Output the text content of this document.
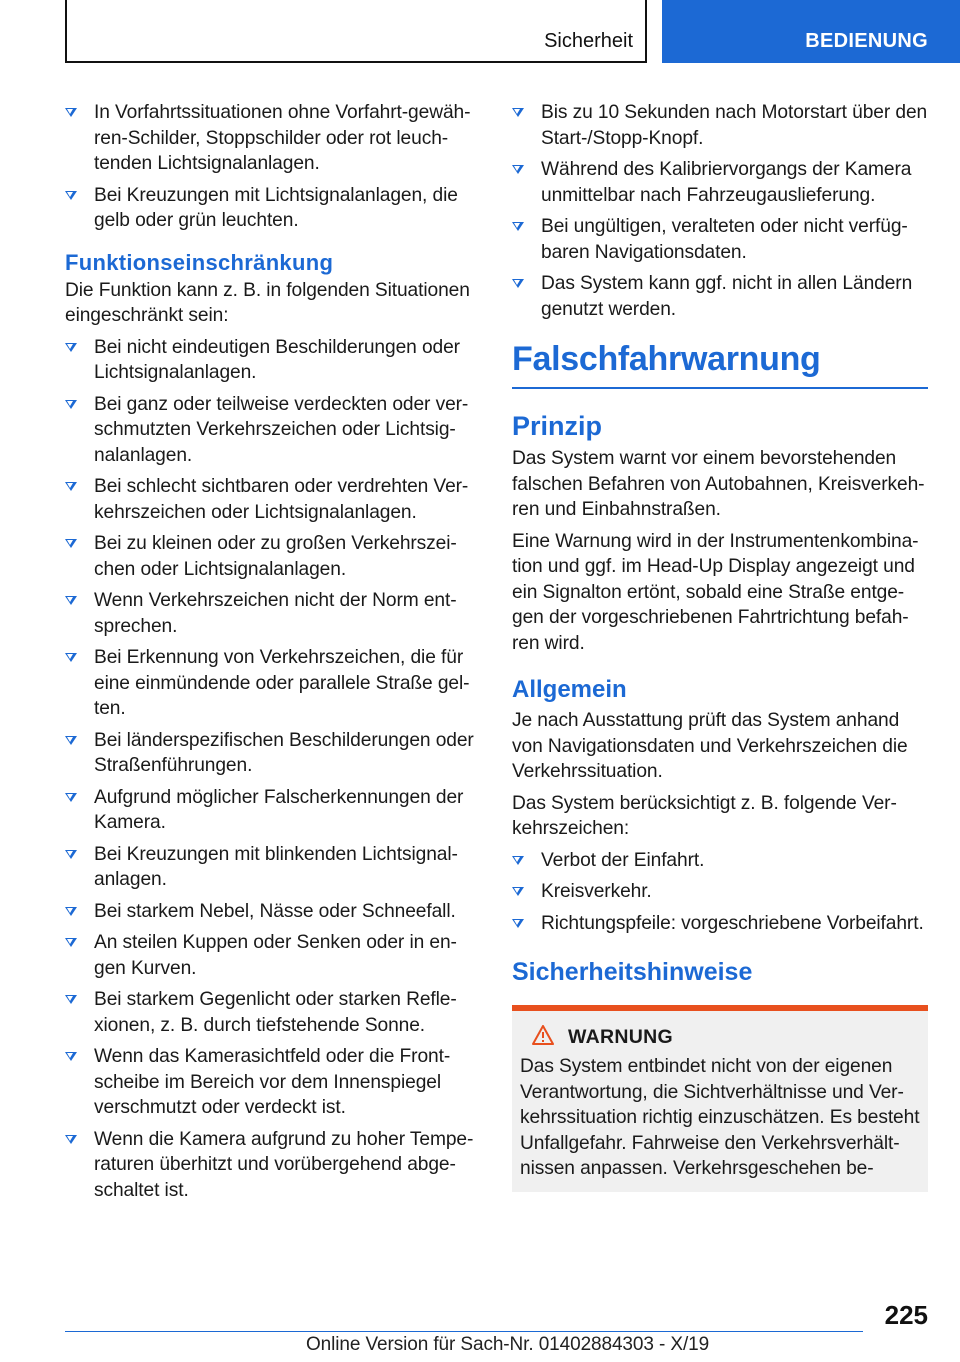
Sicherheit	BEDIENUNG
In Vorfahrtssituationen ohne Vorfahrt‐gewäh‐ren-Schilder, Stoppschilder oder rot leuch‐tenden Lichtsignalanlagen.
Bei Kreuzungen mit Lichtsignalanlagen, die gelb oder grün leuchten.
Funktionseinschränkung

Die Funktion kann z. B. in folgenden Situationen eingeschränkt sein:

Bei nicht eindeutigen Beschilderungen oder Lichtsignalanlagen.
Bei ganz oder teilweise verdeckten oder ver‐schmutzten Verkehrszeichen oder Lichtsig‐nalanlagen.
Bei schlecht sichtbaren oder verdrehten Ver‐kehrszeichen oder Lichtsignalanlagen.
Bei zu kleinen oder zu großen Verkehrszei‐chen oder Lichtsignalanlagen.
Wenn Verkehrszeichen nicht der Norm ent‐sprechen.
Bei Erkennung von Verkehrszeichen, die für eine einmündende oder parallele Straße gel‐ten.
Bei länderspezifischen Beschilderungen oder Straßenführungen.
Aufgrund möglicher Falscherkennungen der Kamera.
Bei Kreuzungen mit blinkenden Lichtsignal‐anlagen.
Bei starkem Nebel, Nässe oder Schneefall.
An steilen Kuppen oder Senken oder in en‐gen Kurven.
Bei starkem Gegenlicht oder starken Refle‐xionen, z. B. durch tiefstehende Sonne.
Wenn das Kamerasichtfeld oder die Front‐scheibe im Bereich vor dem Innenspiegel verschmutzt oder verdeckt ist.
Wenn die Kamera aufgrund zu hoher Tempe‐raturen überhitzt und vorübergehend abge‐schaltet ist.
Bis zu 10 Sekunden nach Motorstart über den Start-/Stopp-Knopf.
Während des Kalibriervorgangs der Kamera unmittelbar nach Fahrzeugauslieferung.
Bei ungültigen, veralteten oder nicht verfüg‐baren Navigationsdaten.
Das System kann ggf. nicht in allen Ländern genutzt werden.
Falschfahrwarnung
Prinzip

Das System warnt vor einem bevorstehenden falschen Befahren von Autobahnen, Kreisverkeh‐ren und Einbahnstraßen.

Eine Warnung wird in der Instrumentenkombina‐tion und ggf. im Head-Up Display angezeigt und ein Signalton ertönt, sobald eine Straße entge‐gen der vorgeschriebenen Fahrtrichtung befah‐ren wird.

Allgemein

Je nach Ausstattung prüft das System anhand von Navigationsdaten und Verkehrszeichen die Verkehrssituation.

Das System berücksichtigt z. B. folgende Ver‐kehrszeichen:

Verbot der Einfahrt.
Kreisverkehr.
Richtungspfeile: vorgeschriebene Vorbeifahrt.
Sicherheitshinweise
WARNUNG
Das System entbindet nicht von der eigenen Verantwortung, die Sichtverhältnisse und Ver‐kehrssituation richtig einzuschätzen. Es besteht Unfallgefahr. Fahrweise den Verkehrsverhält‐nissen anpassen. Verkehrsgeschehen be‐
225
Online Version für Sach-Nr. 01402884303 - X/19
